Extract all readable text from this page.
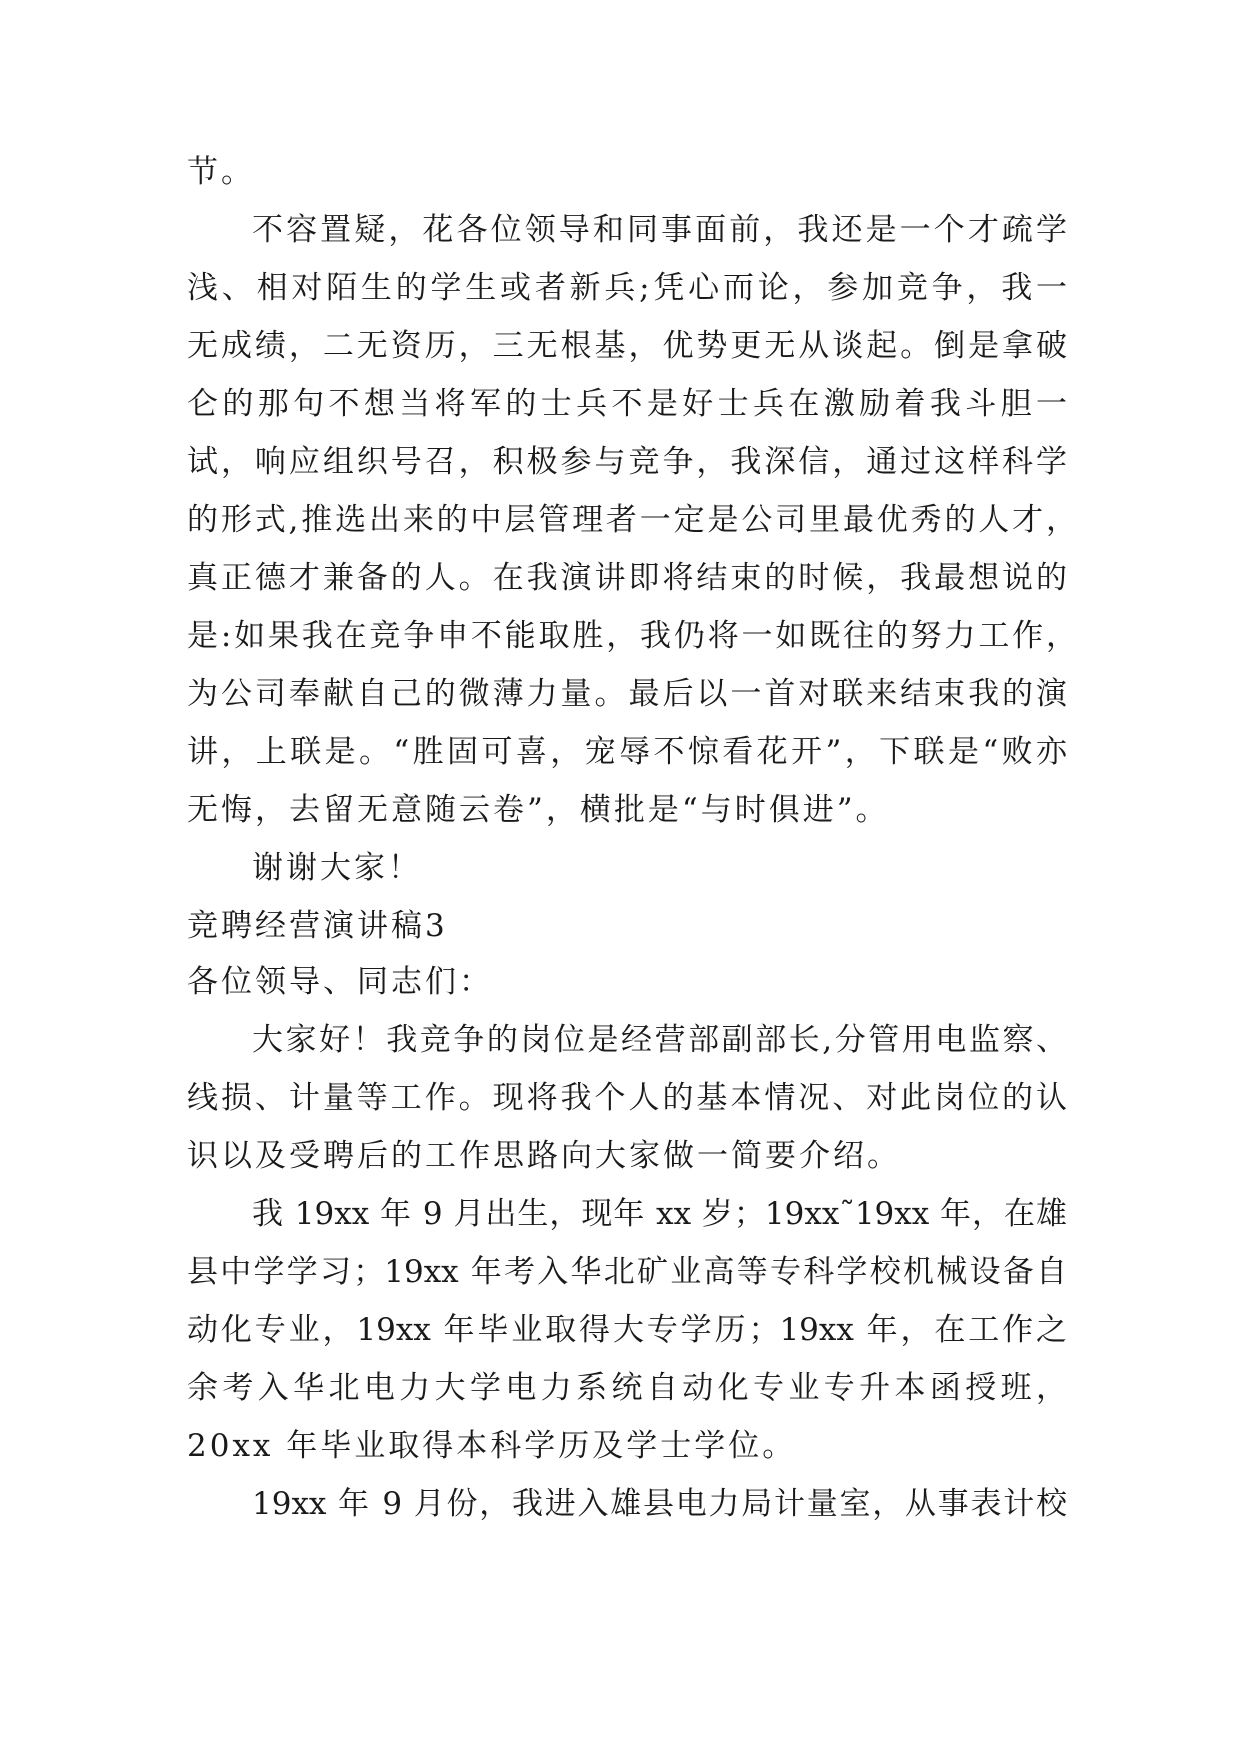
节。
不容置疑，花各位领导和同事面前，我还是一个才疏学
浅、相对陌生的学生或者新兵;凭心而论，参加竞争，我一
无成绩，二无资历，三无根基，优势更无从谈起。倒是拿破
仑的那句不想当将军的士兵不是好士兵在激励着我斗胆一
试，响应组织号召，积极参与竞争，我深信，通过这样科学
的形式,推选出来的中层管理者一定是公司里最优秀的人才，
真正德才兼备的人。在我演讲即将结束的时候，我最想说的
是:如果我在竞争申不能取胜，我仍将一如既往的努力工作，
为公司奉献自己的微薄力量。最后以一首对联来结束我的演
讲，上联是。“胜固可喜，宠辱不惊看花开”，下联是“败亦
无悔，去留无意随云卷”，横批是“与时俱进”。
谢谢大家！
竞聘经营演讲稿3
各位领导、同志们：
大家好！我竞争的岗位是经营部副部长,分管用电监察、
线损、计量等工作。现将我个人的基本情况、对此岗位的认
识以及受聘后的工作思路向大家做一简要介绍。
我 19xx 年 9 月出生，现年 xx 岁；19xx˜19xx 年，在雄
县中学学习；19xx 年考入华北矿业高等专科学校机械设备自
动化专业，19xx 年毕业取得大专学历；19xx 年，在工作之
余考入华北电力大学电力系统自动化专业专升本函授班，
20xx 年毕业取得本科学历及学士学位。
19xx 年 9 月份，我进入雄县电力局计量室，从事表计校
